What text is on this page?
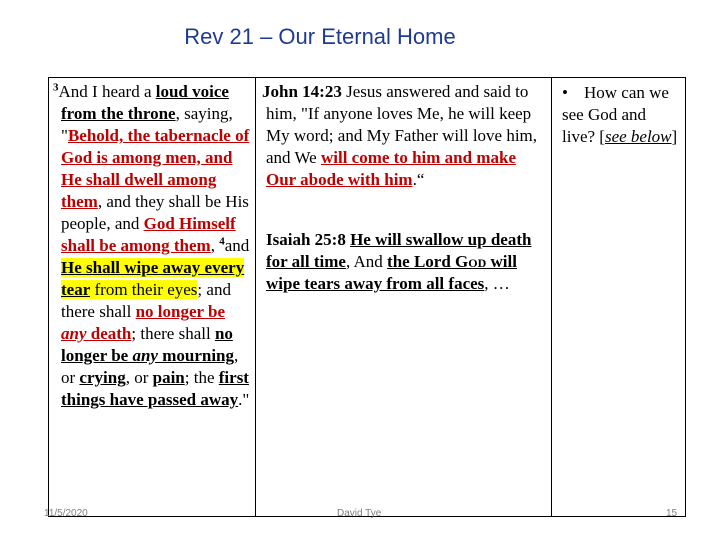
Rev 21 – Our Eternal Home
$^3$And I heard a loud voice from the throne, saying, "Behold, the tabernacle of God is among men, and He shall dwell among them, and they shall be His people, and God Himself shall be among them, $^4$and He shall wipe away every tear from their eyes; and there shall no longer be any death; there shall no longer be any mourning, or crying, or pain; the first things have passed away."
John 14:23 Jesus answered and said to him, "If anyone loves Me, he will keep My word; and My Father will love him, and We will come to him and make Our abode with him.“
Isaiah 25:8 He will swallow up death for all time, And the Lord God will wipe tears away from all faces, …
• How can we see God and live? [see below]
11/5/2020	David Tye	15
